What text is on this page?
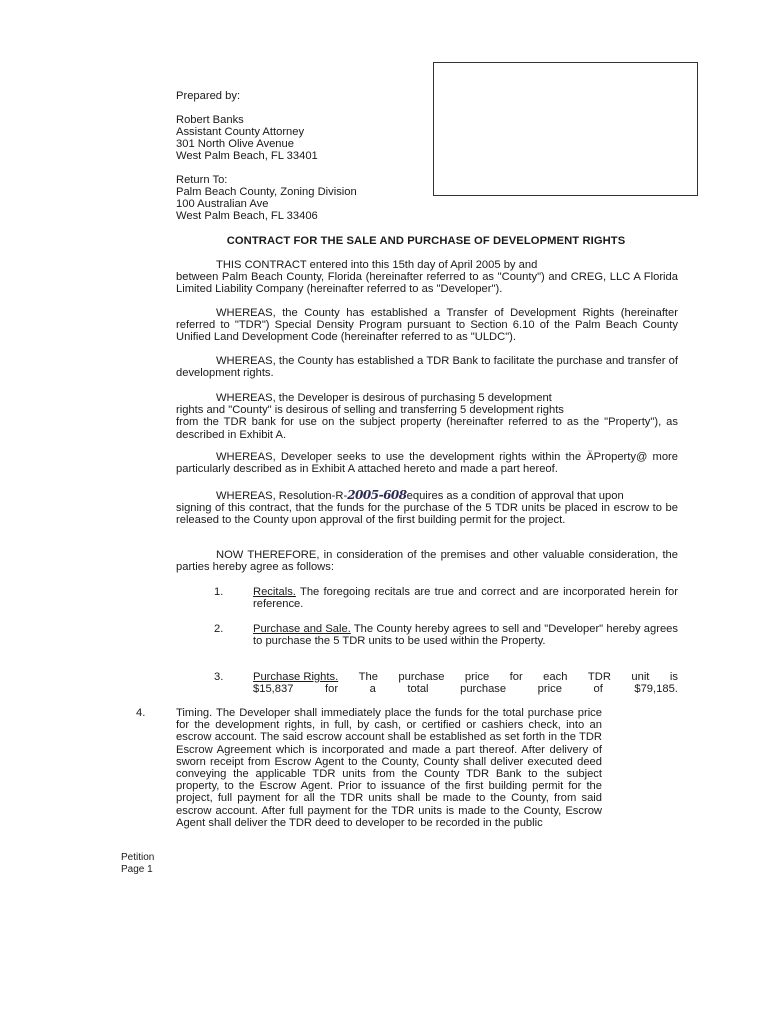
Prepared by:
Robert Banks
Assistant County Attorney
301 North Olive Avenue
West Palm Beach, FL 33401
Return To:
Palm Beach County, Zoning Division
100 Australian Ave
West Palm Beach, FL 33406
CONTRACT FOR THE SALE AND PURCHASE OF DEVELOPMENT RIGHTS
THIS CONTRACT entered into this 15th day of April 2005 by and
between Palm Beach County, Florida (hereinafter referred to as "County") and CREG, LLC A Florida Limited Liability Company (hereinafter referred to as "Developer").
WHEREAS, the County has established a Transfer of Development Rights (hereinafter referred to "TDR") Special Density Program pursuant to Section 6.10 of the Palm Beach County Unified Land Development Code (hereinafter referred to as "ULDC").
WHEREAS, the County has established a TDR Bank to facilitate the purchase and transfer of development rights.
WHEREAS, the Developer is desirous of purchasing 5 development
rights and "County" is desirous of selling and transferring 5 development rights
from the TDR bank for use on the subject property (hereinafter referred to as the "Property"), as described in Exhibit A.
WHEREAS, Developer seeks to use the development rights within the ÄProperty@ more particularly described as in Exhibit A attached hereto and made a part hereof.
WHEREAS, Resolution-R-2005-608equires as a condition of approval that upon
signing of this contract, that the funds for the purchase of the 5 TDR units be placed in escrow to be released to the County upon approval of the first building permit for the project.
NOW THEREFORE, in consideration of the premises and other valuable consideration, the parties hereby agree as follows:
1.	Recitals. The foregoing recitals are true and correct and are incorporated herein for reference.
2.	Purchase and Sale. The County hereby agrees to sell and "Developer" hereby agrees to purchase the 5 TDR units to be used within the Property.
3.	Purchase Rights. The purchase price for each TDR unit is
$15,837	for	a	total	purchase	price	of	$79,185.
4.	Timing. The Developer shall immediately place the funds for the total purchase price for the development rights, in full, by cash, or certified or cashiers check, into an escrow account. The said escrow account shall be established as set forth in the TDR Escrow Agreement which is incorporated and made a part thereof. After delivery of sworn receipt from Escrow Agent to the County, County shall deliver executed deed conveying the applicable TDR units from the County TDR Bank to the subject property, to the Escrow Agent. Prior to issuance of the first building permit for the project, full payment for all the TDR units shall be made to the County, from said escrow account. After full payment for the TDR units is made to the County, Escrow Agent shall deliver the TDR deed to developer to be recorded in the public
Petition
Page 1
